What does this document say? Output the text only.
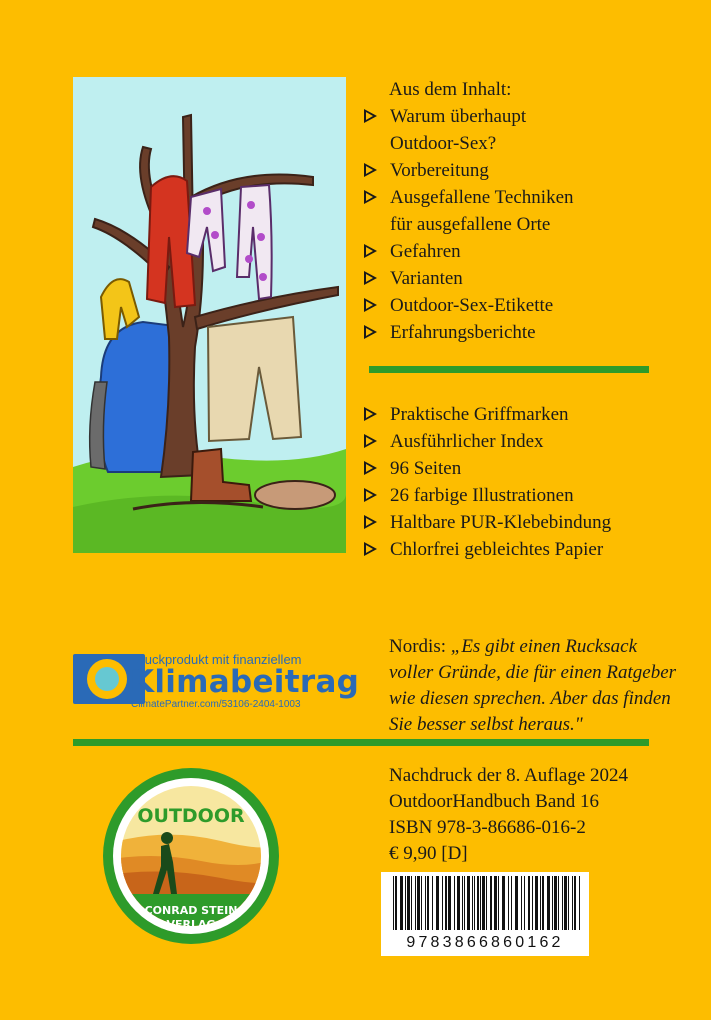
Aus dem Inhalt:
Warum überhaupt
Outdoor-Sex?
Vorbereitung
Ausgefallene Techniken
für ausgefallene Orte
Gefahren
Varianten
Outdoor-Sex-Etikette
Erfahrungsberichte
Praktische Griffmarken
Ausführlicher Index
96 Seiten
26 farbige Illustrationen
Haltbare PUR-Klebebindung
Chlorfrei gebleichtes Papier
Druckprodukt mit finanziellem
Klimabeitrag
ClimatePartner.com/53106-2404-1003
Nordis: „Es gibt einen Rucksack voller Gründe, die für einen Ratgeber wie diesen sprechen. Aber das finden Sie besser selbst heraus."
Nachdruck der 8. Auflage 2024
OutdoorHandbuch Band 16
ISBN 978-3-86686-016-2
€ 9,90 [D]
9783866860162
OUTDOOR
CONRAD STEIN
VERLAG
